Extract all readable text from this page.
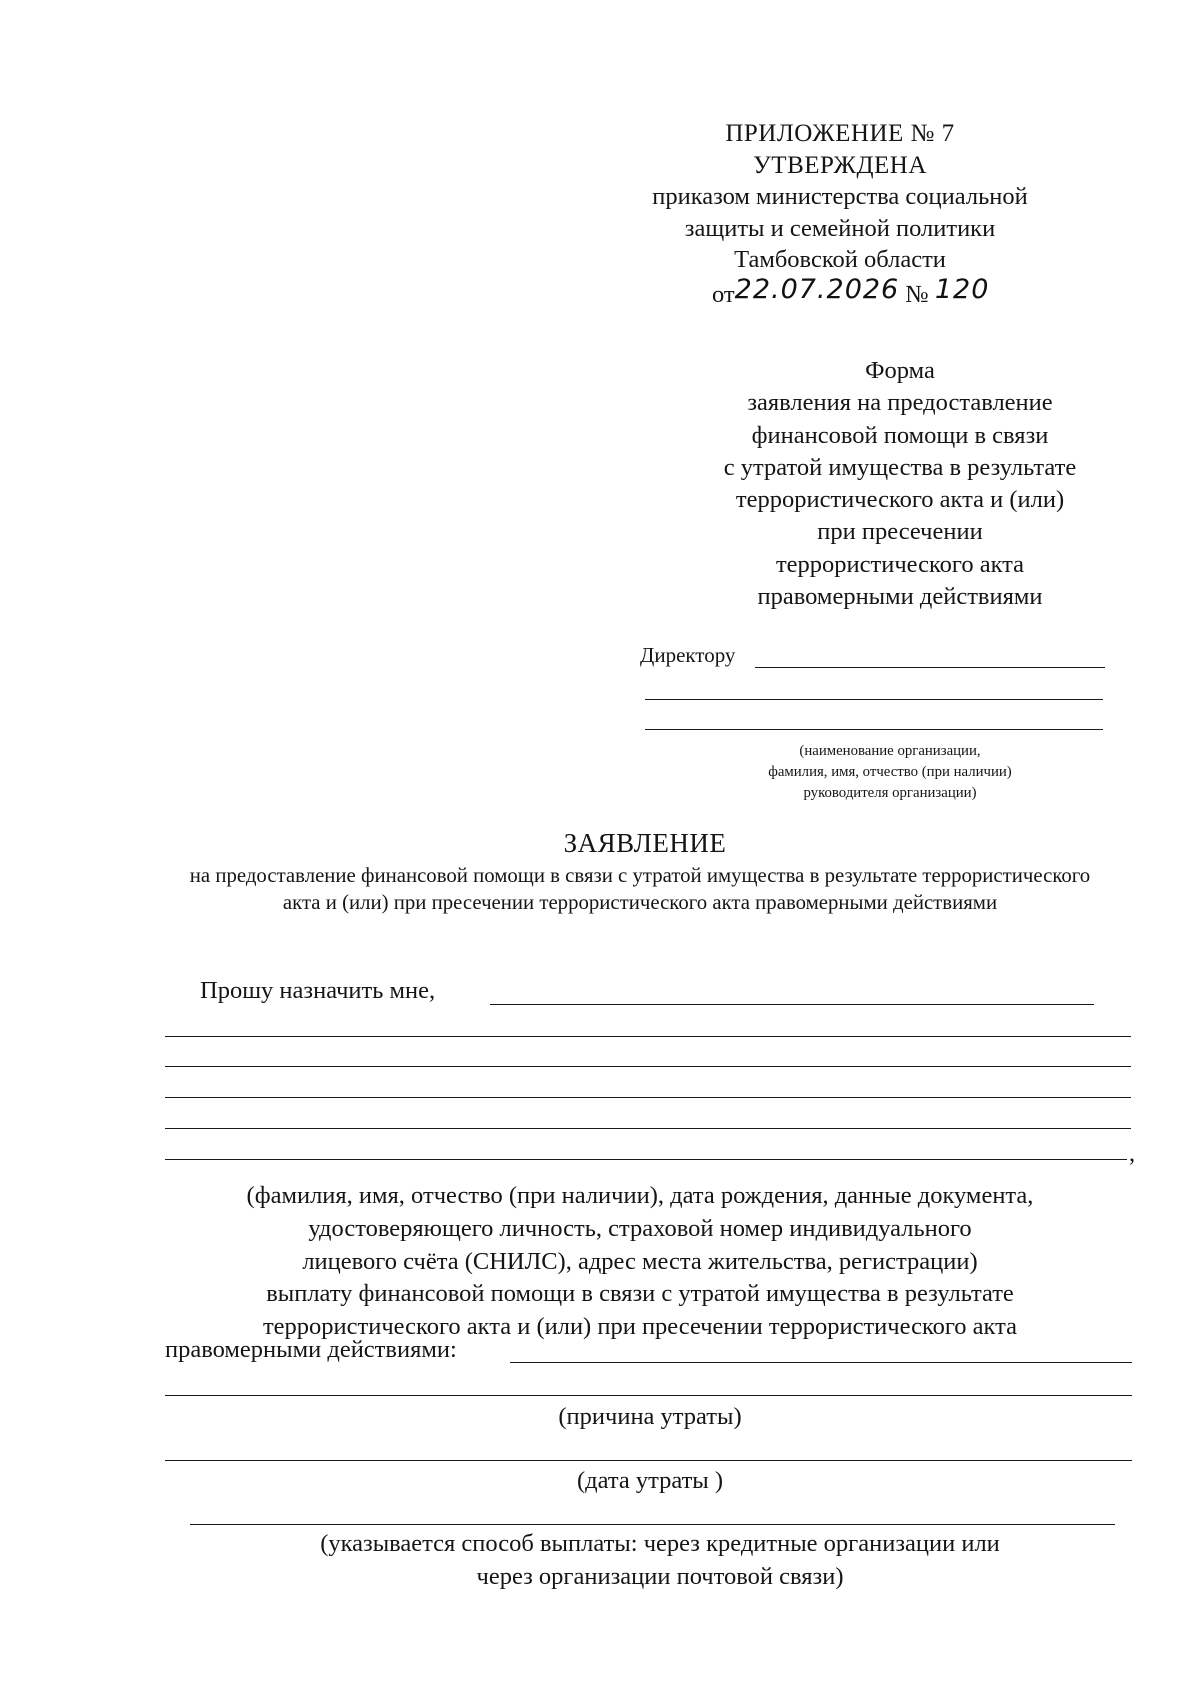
ПРИЛОЖЕНИЕ № 7
УТВЕРЖДЕНА
приказом министерства социальной
защиты и семейной политики
Тамбовской области
от22.07.2026 № 120
Форма
заявления на предоставление
финансовой помощи в связи
с утратой имущества в результате
террористического акта и (или)
при пресечении
террористического акта
правомерными действиями
Директору
(наименование организации,
фамилия, имя, отчество (при наличии)
руководителя организации)
ЗАЯВЛЕНИЕ
на предоставление финансовой помощи в связи с утратой имущества в результате террористического акта и (или) при пресечении террористического акта правомерными действиями
Прошу назначить мне,
,
(фамилия, имя, отчество (при наличии), дата рождения, данные документа,
удостоверяющего личность, страховой номер индивидуального
лицевого счёта (СНИЛС), адрес места жительства, регистрации)
выплату финансовой помощи в связи с утратой имущества в результате
террористического акта и (или) при пресечении террористического акта
правомерными действиями:
(причина утраты)
(дата утраты )
(указывается способ выплаты: через кредитные организации или
через организации почтовой связи)
